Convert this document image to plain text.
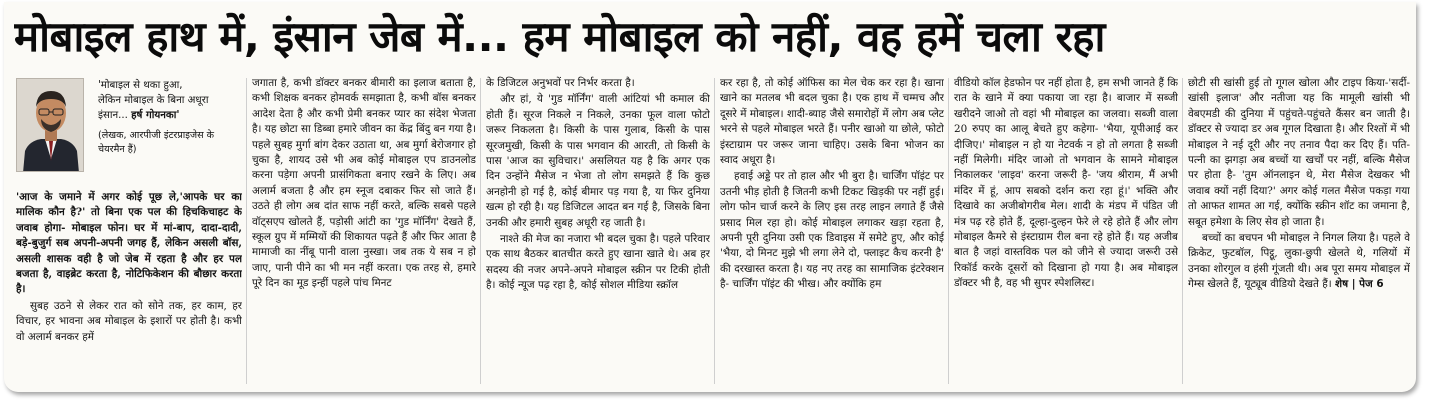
मोबाइल हाथ में, इंसान जेब में... हम मोबाइल को नहीं, वह हमें चला रहा
'मोबाइल से थका हुआ,
लेकिन मोबाइल के बिना अधूरा
इंसान... हर्ष गोयनका'
(लेखक, आरपीजी इंटरप्राइजेस के चेयरमैन हैं)

'आज के जमाने में अगर कोई पूछ ले,'आपके घर का मालिक कौन है?' तो बिना एक पल की हिचकिचाहट के जवाब होगा- मोबाइल फोन। घर में मां-बाप, दादा-दादी, बड़े-बुजुर्ग सब अपनी-अपनी जगह हैं, लेकिन असली बॉस, असली शासक वही है जो जेब में रहता है और हर पल बजता है, वाइब्रेट करता है, नोटिफिकेशन की बौछार करता है।

सुबह उठने से लेकर रात को सोने तक, हर काम, हर विचार, हर भावना अब मोबाइल के इशारों पर होती है। कभी वो अलार्म बनकर हमें

जगाता है, कभी डॉक्टर बनकर बीमारी का इलाज बताता है, कभी शिक्षक बनकर होमवर्क समझाता है, कभी बॉस बनकर आदेश देता है और कभी प्रेमी बनकर प्यार का संदेश भेजता है। यह छोटा सा डिब्बा हमारे जीवन का केंद्र बिंदु बन गया है। पहले सुबह मुर्गा बांग देकर उठाता था, अब मुर्गा बेरोजगार हो चुका है, शायद उसे भी अब कोई मोबाइल एप डाउनलोड करना पड़ेगा अपनी प्रासंगिकता बनाए रखने के लिए। अब अलार्म बजता है और हम स्नूज दबाकर फिर सो जाते हैं। उठते ही लोग अब दांत साफ नहीं करते, बल्कि सबसे पहले वॉट्सएप खोलते हैं, पड़ोसी आंटी का 'गुड मॉर्निंग' देखते हैं, स्कूल ग्रुप में मम्मियों की शिकायत पढ़ते हैं और फिर आता है मामाजी का नींबू पानी वाला नुस्खा। जब तक ये सब न हो जाए, पानी पीने का भी मन नहीं करता। एक तरह से, हमारे पूरे दिन का मूड इन्हीं पहले पांच मिनट

के डिजिटल अनुभवों पर निर्भर करता है।

और हां, ये 'गुड मॉर्निंग' वाली आंटियां भी कमाल की होती हैं। सूरज निकले न निकले, उनका फूल वाला फोटो जरूर निकलता है। किसी के पास गुलाब, किसी के पास सूरजमुखी, किसी के पास भगवान की आरती, तो किसी के पास 'आज का सुविचार।' असलियत यह है कि अगर एक दिन उन्होंने मैसेज न भेजा तो लोग समझते हैं कि कुछ अनहोनी हो गई है, कोई बीमार पड़ गया है, या फिर दुनिया खत्म हो रही है। यह डिजिटल आदत बन गई है, जिसके बिना उनकी और हमारी सुबह अधूरी रह जाती है।

नाश्ते की मेज का नजारा भी बदल चुका है। पहले परिवार एक साथ बैठकर बातचीत करते हुए खाना खाते थे। अब हर सदस्य की नजर अपने-अपने मोबाइल स्क्रीन पर टिकी होती है। कोई न्यूज पढ़ रहा है, कोई सोशल मीडिया स्क्रॉल

कर रहा है, तो कोई ऑफिस का मेल चेक कर रहा है। खाना खाने का मतलब भी बदल चुका है। एक हाथ में चम्मच और दूसरे में मोबाइल। शादी-ब्याह जैसे समारोहों में लोग अब प्लेट भरने से पहले मोबाइल भरते हैं। पनीर खाओ या छोले, फोटो इंस्टाग्राम पर जरूर जाना चाहिए। उसके बिना भोजन का स्वाद अधूरा है।

हवाई अड्डे पर तो हाल और भी बुरा है। चार्जिंग पॉइंट पर उतनी भीड़ होती है जितनी कभी टिकट खिड़की पर नहीं हुई। लोग फोन चार्ज करने के लिए इस तरह लाइन लगाते हैं जैसे प्रसाद मिल रहा हो। कोई मोबाइल लगाकर खड़ा रहता है, अपनी पूरी दुनिया उसी एक डिवाइस में समेटे हुए, और कोई 'भैया, दो मिनट मुझे भी लगा लेने दो, फ्लाइट कैच करनी है' की दरखास्त करता है। यह नए तरह का सामाजिक इंटरेक्शन है- चार्जिंग पॉइंट की भीख। और क्योंकि हम

वीडियो कॉल हेडफोन पर नहीं होता है, हम सभी जानते हैं कि रात के खाने में क्या पकाया जा रहा है। बाजार में सब्जी खरीदने जाओ तो वहां भी मोबाइल का जलवा। सब्जी वाला 20 रुपए का आलू बेचते हुए कहेगा- 'भैया, यूपीआई कर दीजिए।' मोबाइल न हो या नेटवर्क न हो तो लगता है सब्जी नहीं मिलेगी। मंदिर जाओ तो भगवान के सामने मोबाइल निकालकर 'लाइव' करना जरूरी है- 'जय श्रीराम, मैं अभी मंदिर में हूं, आप सबको दर्शन करा रहा हूं।' भक्ति और दिखावे का अजीबोगरीब मेल। शादी के मंडप में पंडित जी मंत्र पढ़ रहे होते हैं, दूल्हा-दुल्हन फेरे ले रहे होते हैं और लोग मोबाइल कैमरे से इंस्टाग्राम रील बना रहे होते हैं। यह अजीब बात है जहां वास्तविक पल को जीने से ज्यादा जरूरी उसे रिकॉर्ड करके दूसरों को दिखाना हो गया है। अब मोबाइल डॉक्टर भी है, वह भी सुपर स्पेशलिस्ट।

छोटी सी खांसी हुई तो गूगल खोला और टाइप किया-'सर्दी-खांसी इलाज' और नतीजा यह कि मामूली खांसी भी वेबएमडी की दुनिया में पहुंचते-पहुंचते कैंसर बन जाती है। डॉक्टर से ज्यादा डर अब गूगल दिखाता है। और रिश्तों में भी मोबाइल ने नई दूरी और नए तनाव पैदा कर दिए हैं। पति-पत्नी का झगड़ा अब बच्चों या खर्चों पर नहीं, बल्कि मैसेज पर होता है- 'तुम ऑनलाइन थे, मेरा मैसेज देखकर भी जवाब क्यों नहीं दिया?' अगर कोई गलत मैसेज पकड़ा गया तो आफत शामत आ गई, क्योंकि स्क्रीन शॉट का जमाना है, सबूत हमेशा के लिए सेव हो जाता है।

बच्चों का बचपन भी मोबाइल ने निगल लिया है। पहले वे क्रिकेट, फुटबॉल, पिट्ठू, लुका-छुपी खेलते थे, गलियों में उनका शोरगुल व हंसी गूंजती थी। अब पूरा समय मोबाइल में गेम्स खेलते हैं, यूट्यूब वीडियो देखते हैं। शेष | पेज 6
